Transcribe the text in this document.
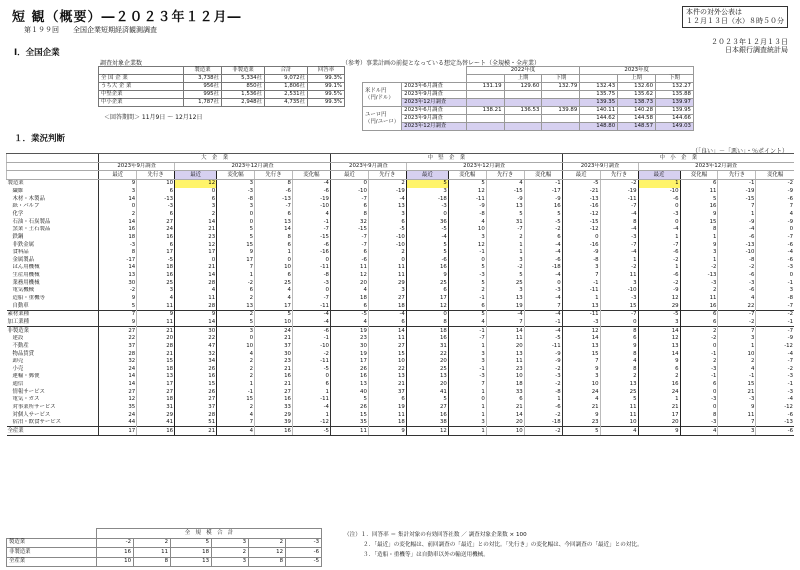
短 観（概要）―２０２３年１２月―
第１９９回　　全国企業短期経済観測調査
本件の対外公表は
１２月１３日（水）８時５０分
２０２３年１２月１３日
日本銀行調査統計局
Ⅰ．全国企業
調査対象企業数
	製造業	非製造業	合計	回答率
全 国 企 業	3,738社	5,334社	9,072社	99.3%
うち大 企 業	956社	850社	1,806社	99.1%
中堅企業	995社	1,536社	2,531社	99.5%
中小企業	1,787社	2,948社	4,735社	99.3%
＜回答期間＞ 11月9日 ～ 12月12日
（参考）事業計画の前提となっている想定為替レート（全規模・全産業）
		2022年度			2023年度		
			上期	下期		上期	下期

米ドル円
（円/ドル）	2023年6月調査	131.19	129.60	132.79	132.43	132.60	132.27
	2023年9月調査				135.75	135.62	135.88
	2023年12月調査				139.35	138.73	139.97

ユーロ円
（円/ユーロ）	2023年6月調査	138.21	136.53	139.89	140.11	140.28	139.95
	2023年9月調査				144.62	144.58	144.66
	2023年12月調査				148.80	148.57	149.03
１．業況判断
（「良い」－「悪い」・％ポイント）
	大　企　業						中　堅　企　業						中　小　企　業					
	2023年9月調査		2023年12月調査				2023年9月調査		2023年12月調査				2023年9月調査		2023年12月調査			
	最近	先行き	最近	変化幅	先行き	変化幅	最近	先行き	最近	変化幅	先行き	変化幅	最近	先行き	最近	変化幅	先行き	変化幅
製造業	9	10	12	3	8	-4	0	2	5	5	4	-1	-5	-2	1	6	-1	-2
繊維	3	6	0	-3	-6	-6	-10	-19	3	12	-15	-17	-21	-19	-10	11	-19	-9
木材・木製品	14	-13	6	-8	-13	-19	-7	-4	-18	-11	-9	-9	-13	-11	-6	5	-15	-6
紙・パルプ	0	-3	3	3	-7	-10	6	13	-3	-9	13	16	-16	-7	0	16	7	7
化学	2	6	2	0	6	4	8	3	0	-8	5	5	-12	-4	-3	9	1	4
石油・石炭製品	14	27	14	0	13	-1	32	6	36	4	31	-5	-15	8	0	15	-9	-9
窯業・土石製品	16	24	21	5	14	-7	-15	-5	-5	10	-7	-2	-12	-4	-4	8	-4	0
鉄鋼	18	16	23	5	8	-15	-7	-10	-4	3	2	6	0	-3	1	1	-6	-7
非鉄金属	-3	6	12	15	6	-6	-7	-10	5	12	1	-4	-16	-7	-7	9	-13	-6
食料品	8	17	17	9	1	-16	6	2	5	-1	1	-4	-9	-4	-6	3	-10	-4
金属製品	-17	-5	0	17	0	0	-6	0	-6	0	3	-6	-8	1	-2	1	-8	-6
はん用機械	14	18	21	7	10	-11	11	11	16	5	-2	-18	3	-2	1	-2	-2	-3
生産用機械	13	16	14	1	6	-8	12	11	9	-3	5	-4	7	11	-6	-13	-6	0
業務用機械	30	25	28	-2	25	-3	20	29	25	5	25	0	-1	3	-2	-3	-3	-1
電気機械	-2	3	4	6	4	0	4	3	6	2	3	-3	-11	-10	-9	2	-6	3
造船・重機等	9	4	11	2	4	-7	18	27	17	-1	13	-4	1	-3	12	11	4	-8
自動車	5	11	28	13	17	-11	6	18	12	6	19	7	13	15	29	16	22	-7
素材業種	7	9	9	2	5	-4	-5	-4	0	5	-4	-4	-11	-7	-5	6	-7	-2
加工業種	9	11	14	5	10	-4	4	6	8	4	7	-1	-3	0	3	6	-2	-1
非製造業	27	21	30	3	24	-6	19	14	18	-1	14	-4	12	8	14	2	7	-7
建設	22	20	22	0	21	-1	23	11	16	-7	11	-5	14	6	12	-2	3	-9
不動産	37	28	47	10	37	-10	30	27	31	1	20	-11	13	9	13	0	1	-12
物品賃貸	28	21	32	4	30	-2	19	15	22	3	13	-9	15	8	14	-1	10	-4
卸売	32	15	34	2	23	-11	17	10	20	3	11	-9	7	4	9	2	2	-7
小売	24	18	26	2	21	-5	26	22	25	-1	23	-2	9	8	6	-3	4	-2
運輸・郵便	14	13	16	2	16	0	16	13	13	-3	10	-3	3	2	2	-1	-1	-3
通信	14	17	15	1	21	6	13	21	20	7	18	-2	10	13	16	6	15	-1
情報サービス	27	27	26	-1	27	1	40	37	41	1	33	-8	24	25	24	0	21	-3
電気・ガス	12	18	27	15	16	-11	5	6	5	0	6	1	4	5	1	-3	-3	-4
対事業所サービス	35	31	37	2	33	-4	26	19	27	1	21	-6	21	11	21	0	9	-12
対個人サービス	24	29	28	4	29	1	15	11	16	1	14	-2	9	11	17	8	11	-6
宿泊・飲食サービス	44	41	51	7	39	-12	35	18	38	3	20	-18	23	10	20	-3	7	-13
全産業	17	16	21	4	16	-5	11	9	12	1	10	-2	5	4	9	4	3	-6
	全　規　模　合　計					
製造業	-2	2	5	3	2	-3
非製造業	16	11	18	2	12	-6
全産業	10	8	13	3	8	-5
（注）１．回答率 ＝ 集計対象の有効回答社数 ／ 調査対象企業数 × 100
２．「最近」の変化幅は、前回調査の「最近」との対比。「先行き」の変化幅は、今回調査の「最近」との対比。
３．「造船・重機等」は自動車以外の輸送用機械。
